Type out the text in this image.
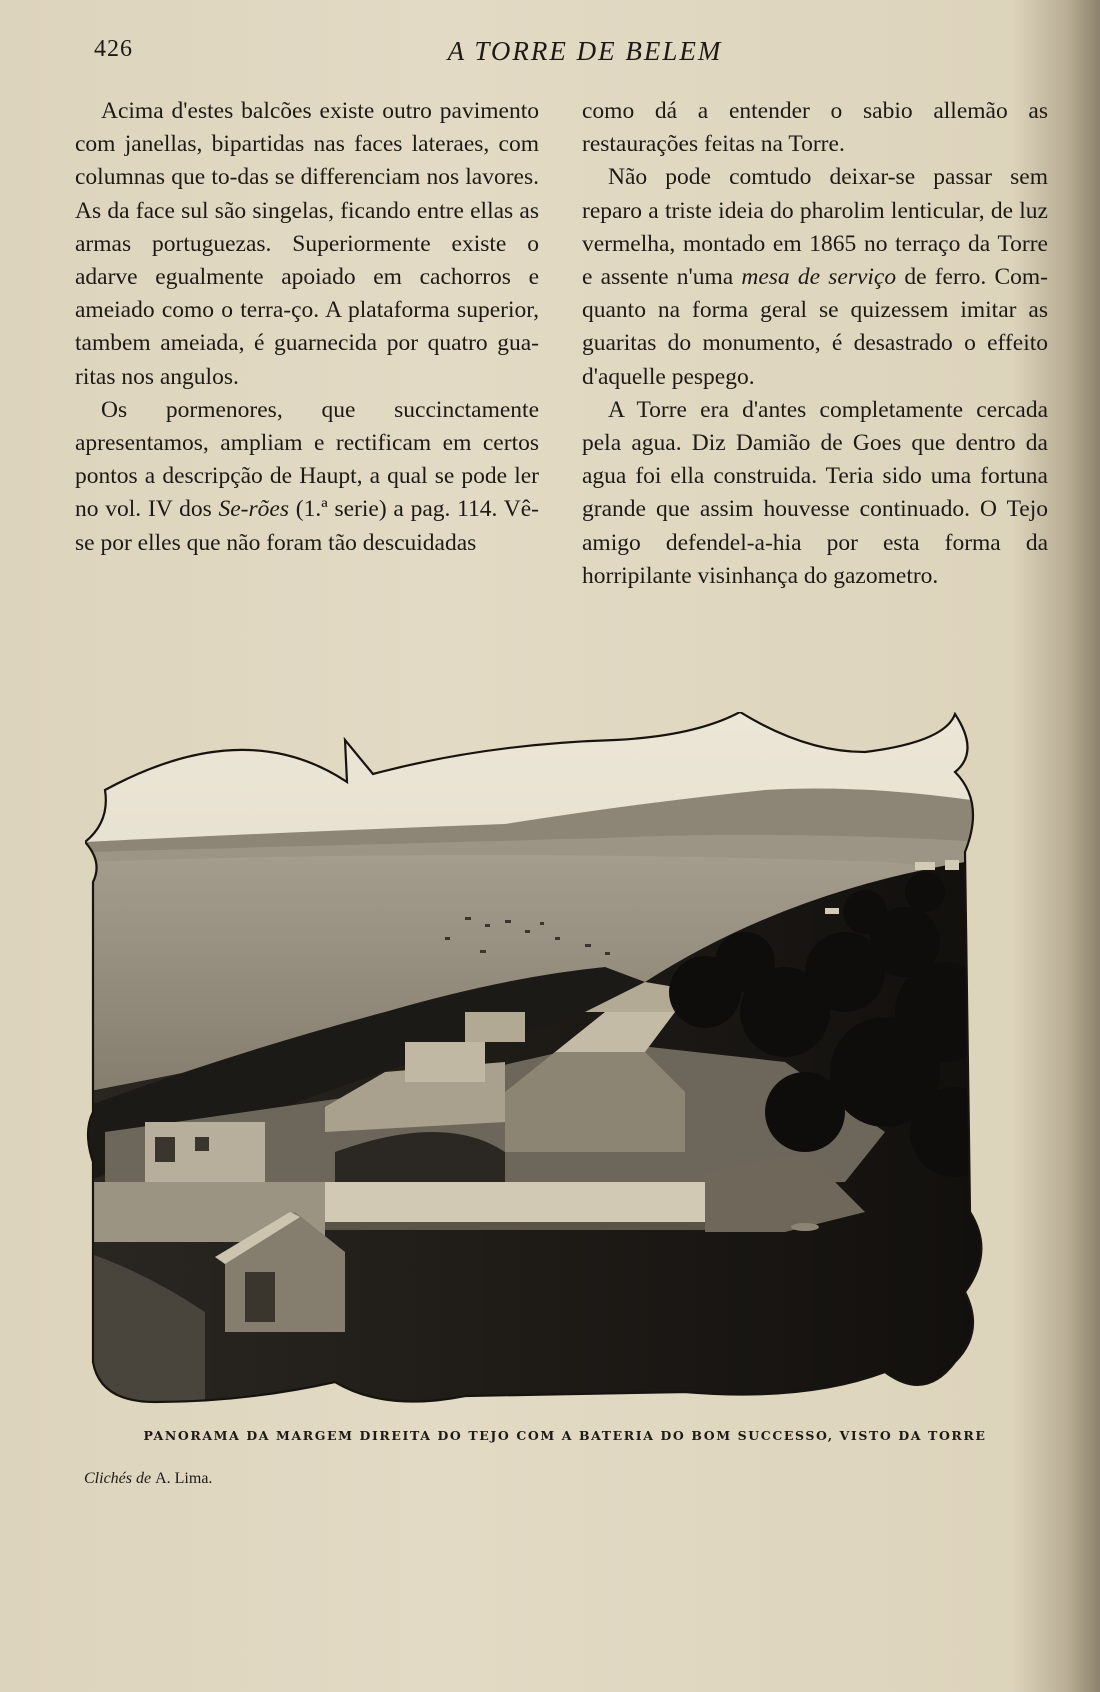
426	A TORRE DE BELEM

Acima d'estes balcões existe outro pavimento com janellas, bipartidas nas faces lateraes, com columnas que to-das se differenciam nos lavores. As da face sul são singelas, ficando entre ellas as armas portuguezas. Superiormente existe o adarve egualmente apoiado em cachorros e ameiado como o terra-ço. A plataforma superior, tambem ameiada, é guarnecida por quatro gua-ritas nos angulos.

Os pormenores, que succinctamente apresentamos, ampliam e rectificam em certos pontos a descripção de Haupt, a qual se pode ler no vol. IV dos Se-rões (1.ª serie) a pag. 114. Vê-se por elles que não foram tão descuidadas

como dá a entender o sabio allemão as restaurações feitas na Torre.

Não pode comtudo deixar-se passar sem reparo a triste ideia do pharolim lenticular, de luz vermelha, montado em 1865 no terraço da Torre e assente n'uma mesa de serviço de ferro. Com-quanto na forma geral se quizessem imitar as guaritas do monumento, é desastrado o effeito d'aquelle pespego.

A Torre era d'antes completamente cercada pela agua. Diz Damião de Goes que dentro da agua foi ella construida. Teria sido uma fortuna grande que assim houvesse continuado. O Tejo amigo defendel-a-hia por esta forma da horripilante visinhança do gazometro.

PANORAMA DA MARGEM DIREITA DO TEJO COM A BATERIA DO BOM SUCCESSO, VISTO DA TORRE
Clichés de A. Lima.
